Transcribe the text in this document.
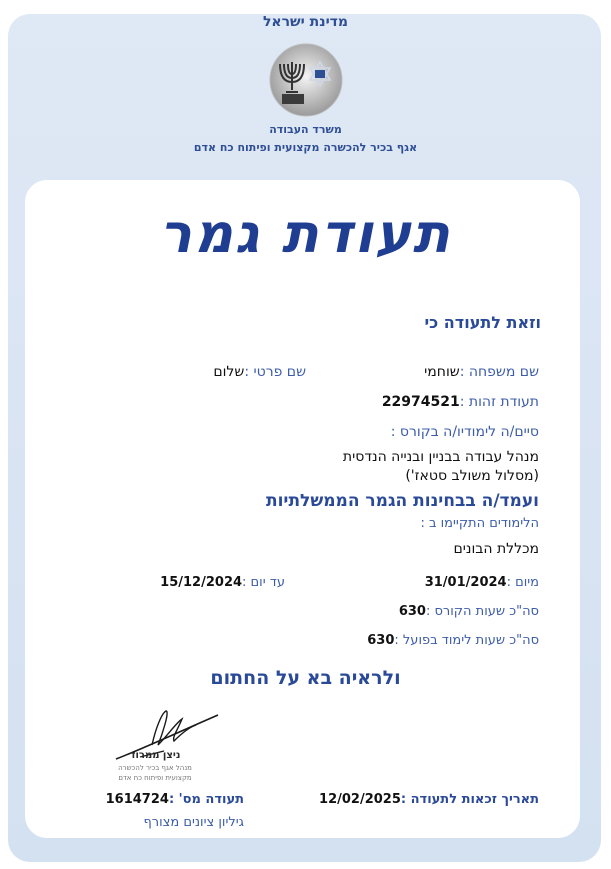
מדינת ישראל
משרד העבודה
אגף בכיר להכשרה מקצועית ופיתוח כח אדם
תעודת גמר
וזאת לתעודה כי
שם משפחה :שוחמי
שם פרטי :שלום
תעודת זהות :22974521
סיים/ה לימודיו/ה בקורס :
מנהל עבודה בבניין ובנייה הנדסית
(מסלול משולב סטאז')
ועמד/ה בבחינות הגמר הממשלתיות
הלימודים התקיימו ב :
מכללת הבונים
מיום :31/01/2024
עד יום :15/12/2024
סה"כ שעות הקורס :630
סה"כ שעות לימוד בפועל :630
ולראיה בא על החתום
ניצן ממרוד
מנהל אגף בכיר להכשרה
מקצועית ופיתוח כח אדם
תאריך זכאות לתעודה :12/02/2025
תעודה מס' :1614724
גיליון ציונים מצורף
